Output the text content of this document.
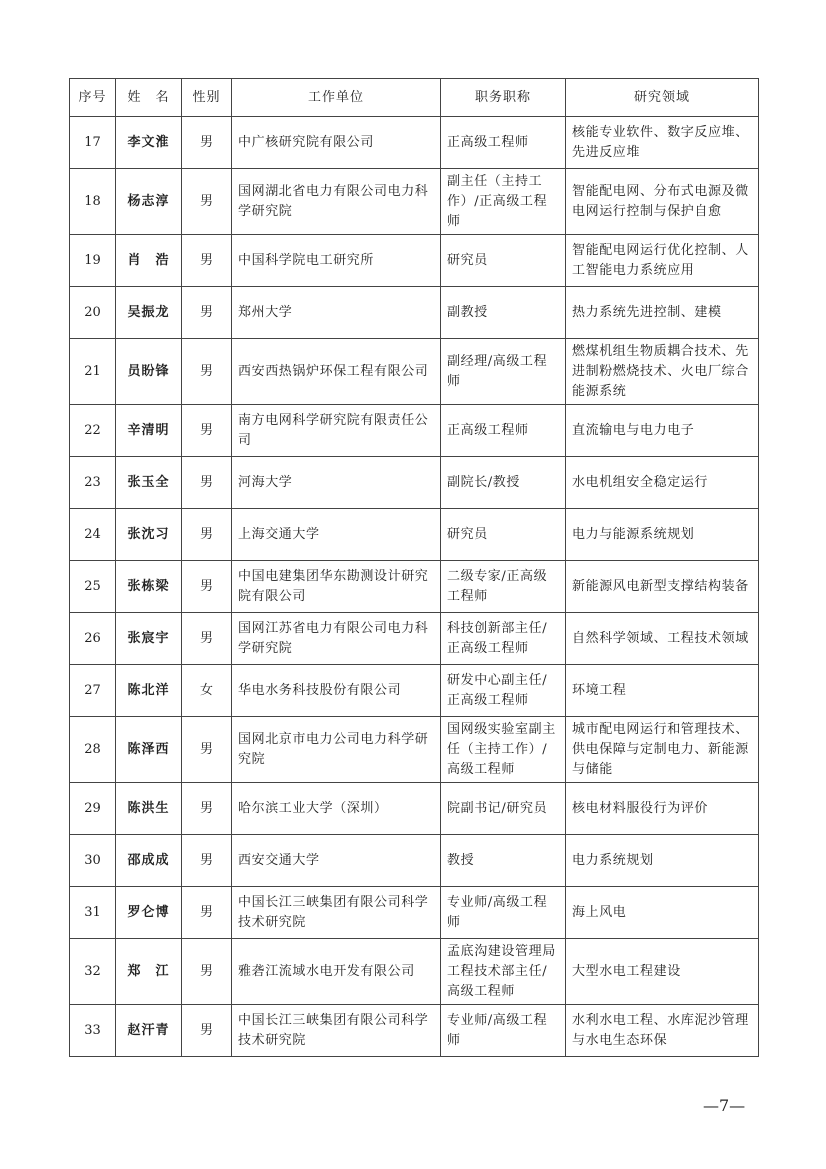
序号	姓　名	性别	工作单位	职务职称	研究领域
17	李文淮	男	中广核研究院有限公司	正高级工程师	核能专业软件、数字反应堆、先进反应堆
18	杨志淳	男	国网湖北省电力有限公司电力科学研究院	副主任（主持工作）/正高级工程师	智能配电网、分布式电源及微电网运行控制与保护自愈
19	肖　浩	男	中国科学院电工研究所	研究员	智能配电网运行优化控制、人工智能电力系统应用
20	吴振龙	男	郑州大学	副教授	热力系统先进控制、建模
21	员盼锋	男	西安西热锅炉环保工程有限公司	副经理/高级工程师	燃煤机组生物质耦合技术、先进制粉燃烧技术、火电厂综合能源系统
22	辛清明	男	南方电网科学研究院有限责任公司	正高级工程师	直流输电与电力电子
23	张玉全	男	河海大学	副院长/教授	水电机组安全稳定运行
24	张沈习	男	上海交通大学	研究员	电力与能源系统规划
25	张栋梁	男	中国电建集团华东勘测设计研究院有限公司	二级专家/正高级工程师	新能源风电新型支撑结构装备
26	张宸宇	男	国网江苏省电力有限公司电力科学研究院	科技创新部主任/正高级工程师	自然科学领域、工程技术领域
27	陈北洋	女	华电水务科技股份有限公司	研发中心副主任/正高级工程师	环境工程
28	陈泽西	男	国网北京市电力公司电力科学研究院	国网级实验室副主任（主持工作）/高级工程师	城市配电网运行和管理技术、供电保障与定制电力、新能源与储能
29	陈洪生	男	哈尔滨工业大学（深圳）	院副书记/研究员	核电材料服役行为评价
30	邵成成	男	西安交通大学	教授	电力系统规划
31	罗仑博	男	中国长江三峡集团有限公司科学技术研究院	专业师/高级工程师	海上风电
32	郑　江	男	雅砻江流域水电开发有限公司	孟底沟建设管理局工程技术部主任/高级工程师	大型水电工程建设
33	赵汗青	男	中国长江三峡集团有限公司科学技术研究院	专业师/高级工程师	水利水电工程、水库泥沙管理与水电生态环保
—7—
